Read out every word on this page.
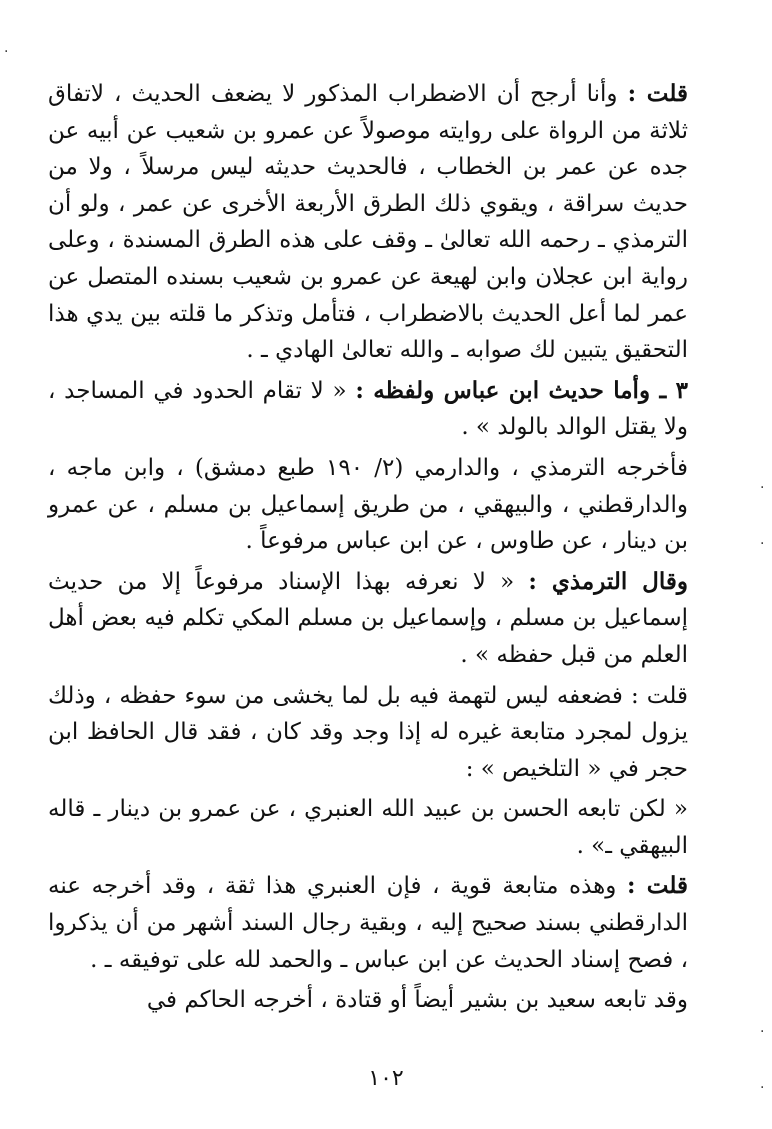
قلت : وأنا أرجح أن الاضطراب المذكور لا يضعف الحديث ، لاتفاق ثلاثة من الرواة على روايته موصولاً عن عمرو بن شعيب عن أبيه عن جده عن عمر بن الخطاب ، فالحديث حديثه ليس مرسلاً ، ولا من حديث سراقة ، ويقوي ذلك الطرق الأربعة الأخرى عن عمر ، ولو أن الترمذي ـ رحمه الله تعالىٰ ـ وقف على هذه الطرق المسندة ، وعلى رواية ابن عجلان وابن لهيعة عن عمرو بن شعيب بسنده المتصل عن عمر لما أعل الحديث بالاضطراب ، فتأمل وتذكر ما قلته بين يدي هذا التحقيق يتبين لك صوابه ـ والله تعالىٰ الهادي ـ .

٣ ـ وأما حديث ابن عباس ولفظه : « لا تقام الحدود في المساجد ، ولا يقتل الوالد بالولد » .

فأخرجه الترمذي ، والدارمي (٢/ ١٩٠ طبع دمشق) ، وابن ماجه ، والدارقطني ، والبيهقي ، من طريق إسماعيل بن مسلم ، عن عمرو بن دينار ، عن طاوس ، عن ابن عباس مرفوعاً .

وقال الترمذي : « لا نعرفه بهذا الإسناد مرفوعاً إلا من حديث إسماعيل بن مسلم ، وإسماعيل بن مسلم المكي تكلم فيه بعض أهل العلم من قبل حفظه » .

قلت : فضعفه ليس لتهمة فيه بل لما يخشى من سوء حفظه ، وذلك يزول لمجرد متابعة غيره له إذا وجد وقد كان ، فقد قال الحافظ ابن حجر في « التلخيص » :

« لكن تابعه الحسن بن عبيد الله العنبري ، عن عمرو بن دينار ـ قاله البيهقي ـ» .

قلت : وهذه متابعة قوية ، فإن العنبري هذا ثقة ، وقد أخرجه عنه الدارقطني بسند صحيح إليه ، وبقية رجال السند أشهر من أن يذكروا ، فصح إسناد الحديث عن ابن عباس ـ والحمد لله على توفيقه ـ .

وقد تابعه سعيد بن بشير أيضاً أو قتادة ، أخرجه الحاكم في

١٠٢
·
·
·
·
·
